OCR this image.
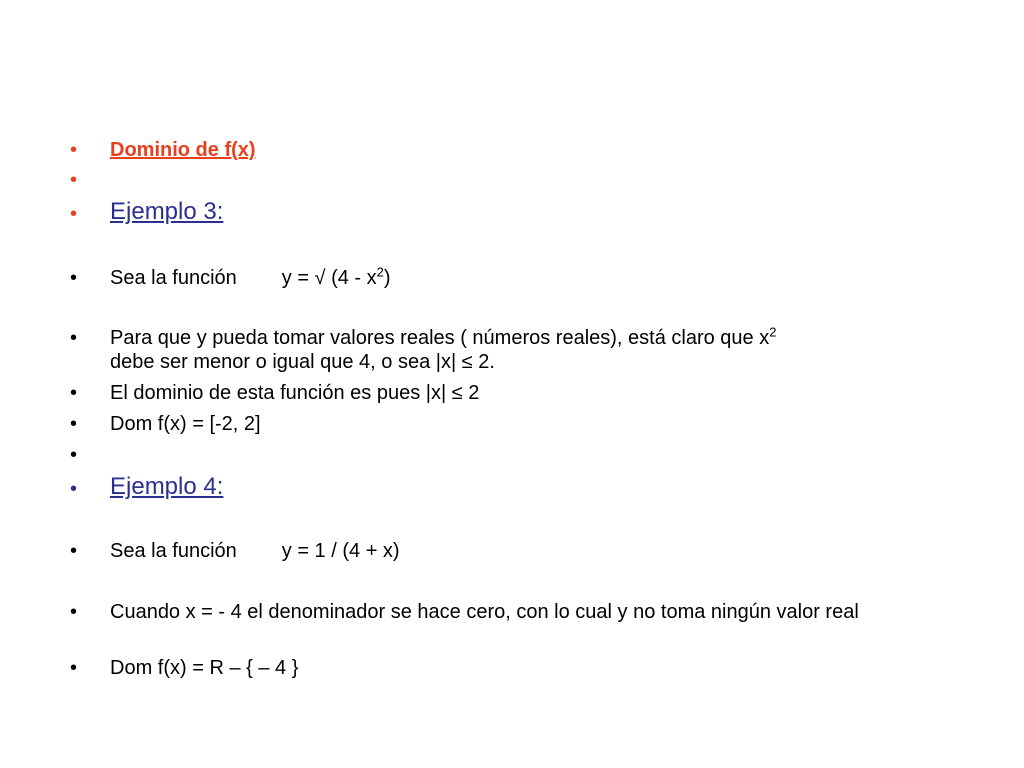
• Dominio de f(x)
•
• Ejemplo 3:
• Sea la función y = √ $(4 - x^2)$
• Para que y pueda tomar valores reales ( números reales), está claro que $x^2$
debe ser menor o igual que 4, o sea |x| ≤ 2.
• El dominio de esta función es pues |x| ≤ 2
• Dom f(x) = [-2, 2]
•
• Ejemplo 4:
• Sea la función y = 1 / (4 + x)
• Cuando x = - 4 el denominador se hace cero, con lo cual y no toma ningún valor real
• Dom f(x) = R – { – 4 }
